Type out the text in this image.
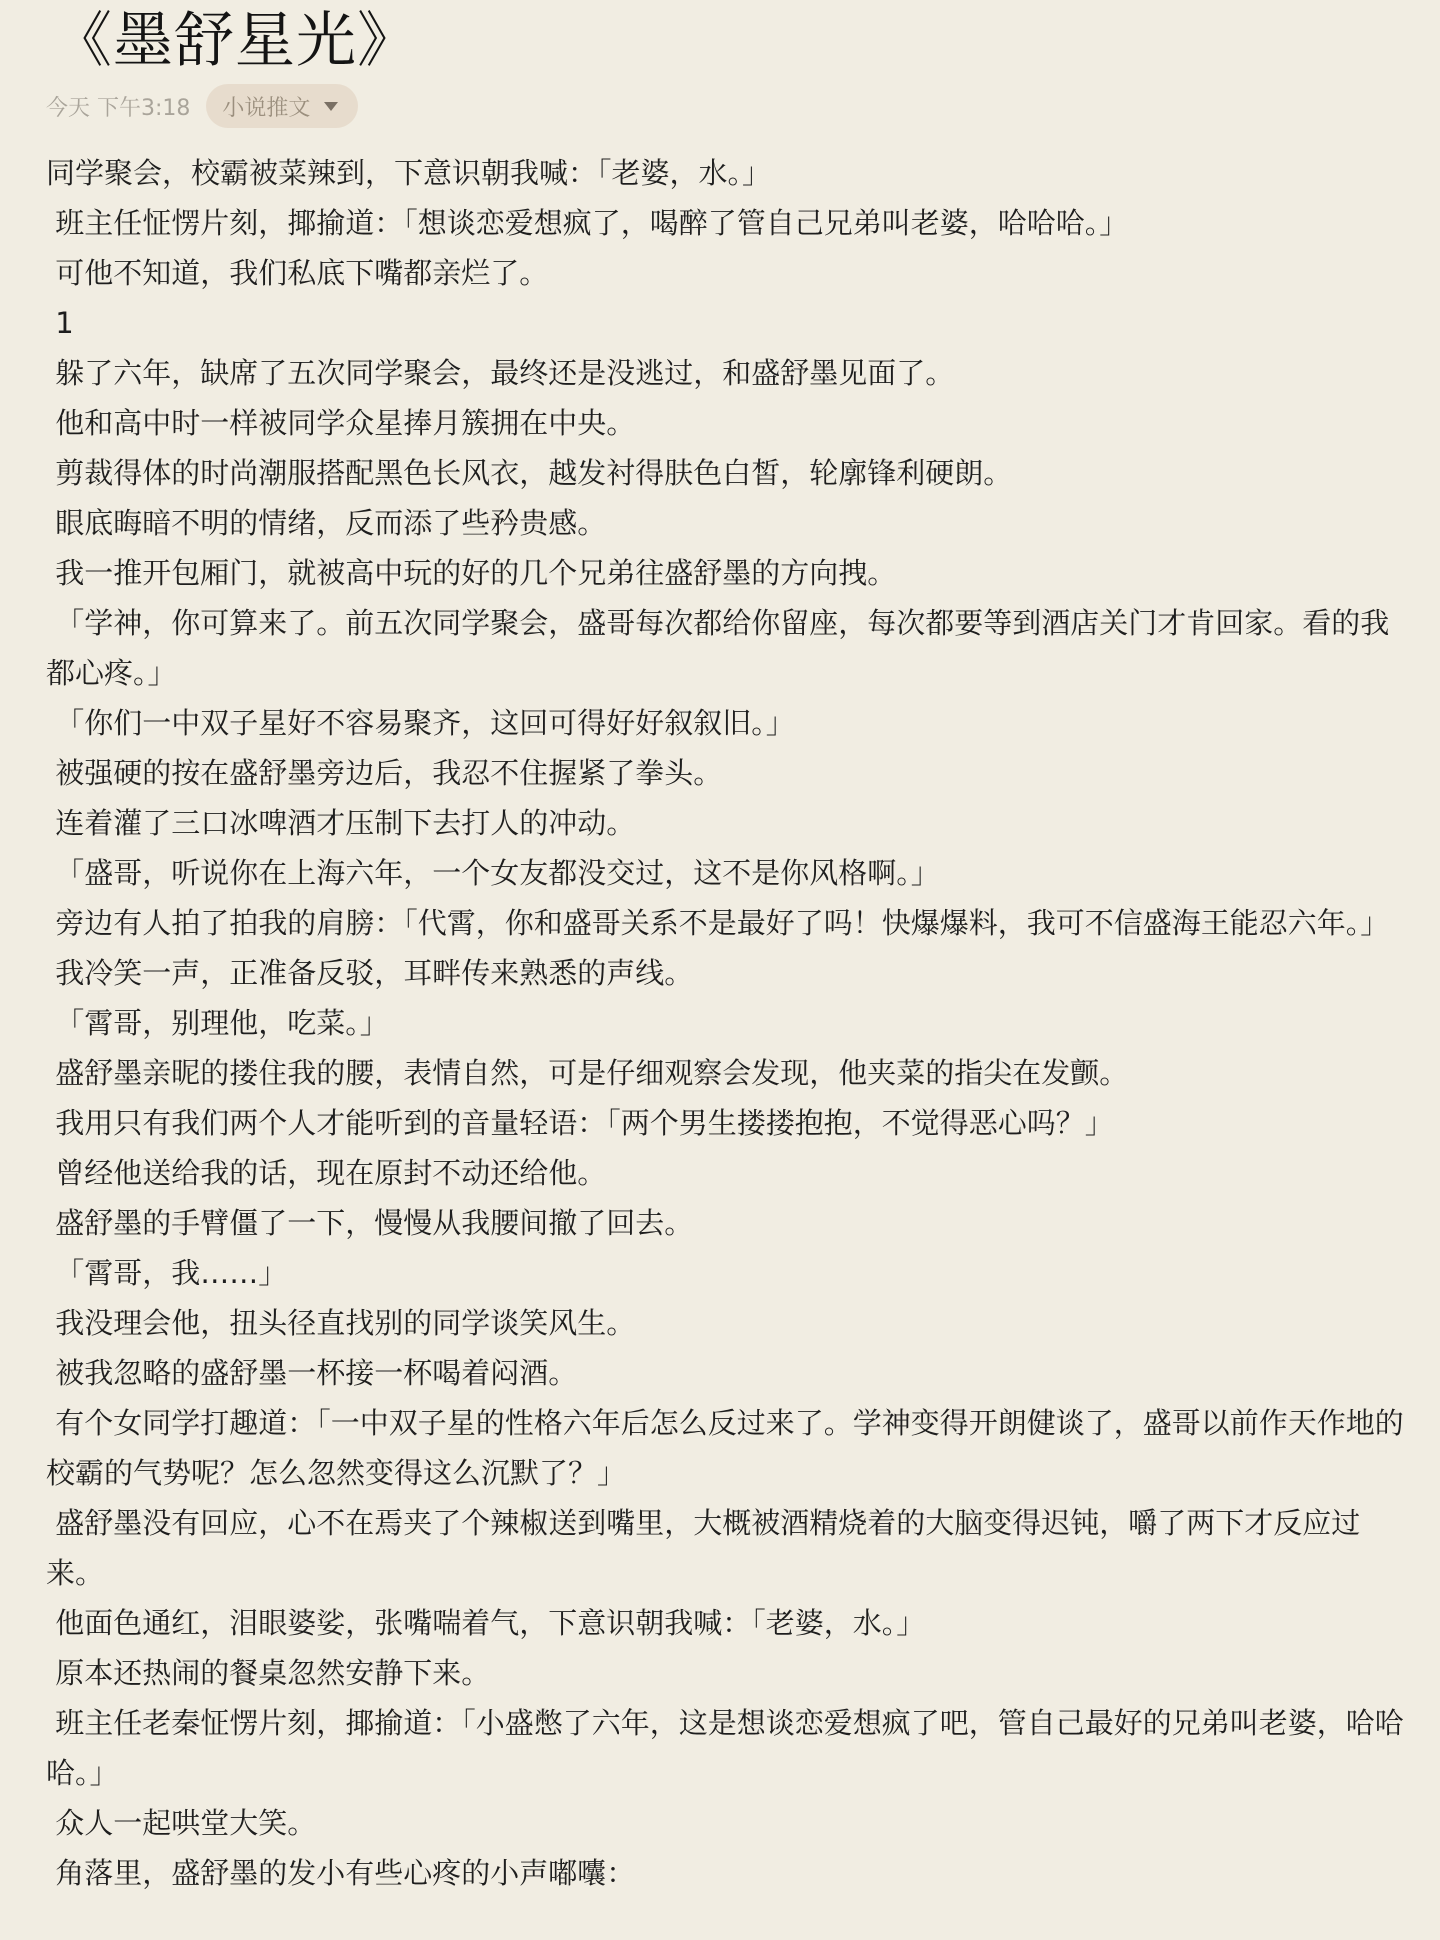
《墨舒星光》
今天 下午3:18 小说推文

同学聚会，校霸被菜辣到，下意识朝我喊：「老婆，水。」

班主任怔愣片刻，揶揄道：「想谈恋爱想疯了，喝醉了管自己兄弟叫老婆，哈哈哈。」

可他不知道，我们私底下嘴都亲烂了。

1

躲了六年，缺席了五次同学聚会，最终还是没逃过，和盛舒墨见面了。

他和高中时一样被同学众星捧月簇拥在中央。

剪裁得体的时尚潮服搭配黑色长风衣，越发衬得肤色白皙，轮廓锋利硬朗。

眼底晦暗不明的情绪，反而添了些矜贵感。

我一推开包厢门，就被高中玩的好的几个兄弟往盛舒墨的方向拽。

「学神，你可算来了。前五次同学聚会，盛哥每次都给你留座，每次都要等到酒店关门才肯回家。看的我都心疼。」

「你们一中双子星好不容易聚齐，这回可得好好叙叙旧。」

被强硬的按在盛舒墨旁边后，我忍不住握紧了拳头。

连着灌了三口冰啤酒才压制下去打人的冲动。

「盛哥，听说你在上海六年，一个女友都没交过，这不是你风格啊。」

旁边有人拍了拍我的肩膀：「代霄，你和盛哥关系不是最好了吗！快爆爆料，我可不信盛海王能忍六年。」

我冷笑一声，正准备反驳，耳畔传来熟悉的声线。

「霄哥，别理他，吃菜。」

盛舒墨亲昵的搂住我的腰，表情自然，可是仔细观察会发现，他夹菜的指尖在发颤。

我用只有我们两个人才能听到的音量轻语：「两个男生搂搂抱抱，不觉得恶心吗？」

曾经他送给我的话，现在原封不动还给他。

盛舒墨的手臂僵了一下，慢慢从我腰间撤了回去。

「霄哥，我……」

我没理会他，扭头径直找别的同学谈笑风生。

被我忽略的盛舒墨一杯接一杯喝着闷酒。

有个女同学打趣道：「一中双子星的性格六年后怎么反过来了。学神变得开朗健谈了，盛哥以前作天作地的校霸的气势呢？怎么忽然变得这么沉默了？」

盛舒墨没有回应，心不在焉夹了个辣椒送到嘴里，大概被酒精烧着的大脑变得迟钝，嚼了两下才反应过来。

他面色通红，泪眼婆娑，张嘴喘着气，下意识朝我喊：「老婆，水。」

原本还热闹的餐桌忽然安静下来。

班主任老秦怔愣片刻，揶揄道：「小盛憋了六年，这是想谈恋爱想疯了吧，管自己最好的兄弟叫老婆，哈哈哈。」

众人一起哄堂大笑。

角落里，盛舒墨的发小有些心疼的小声嘟囔：
